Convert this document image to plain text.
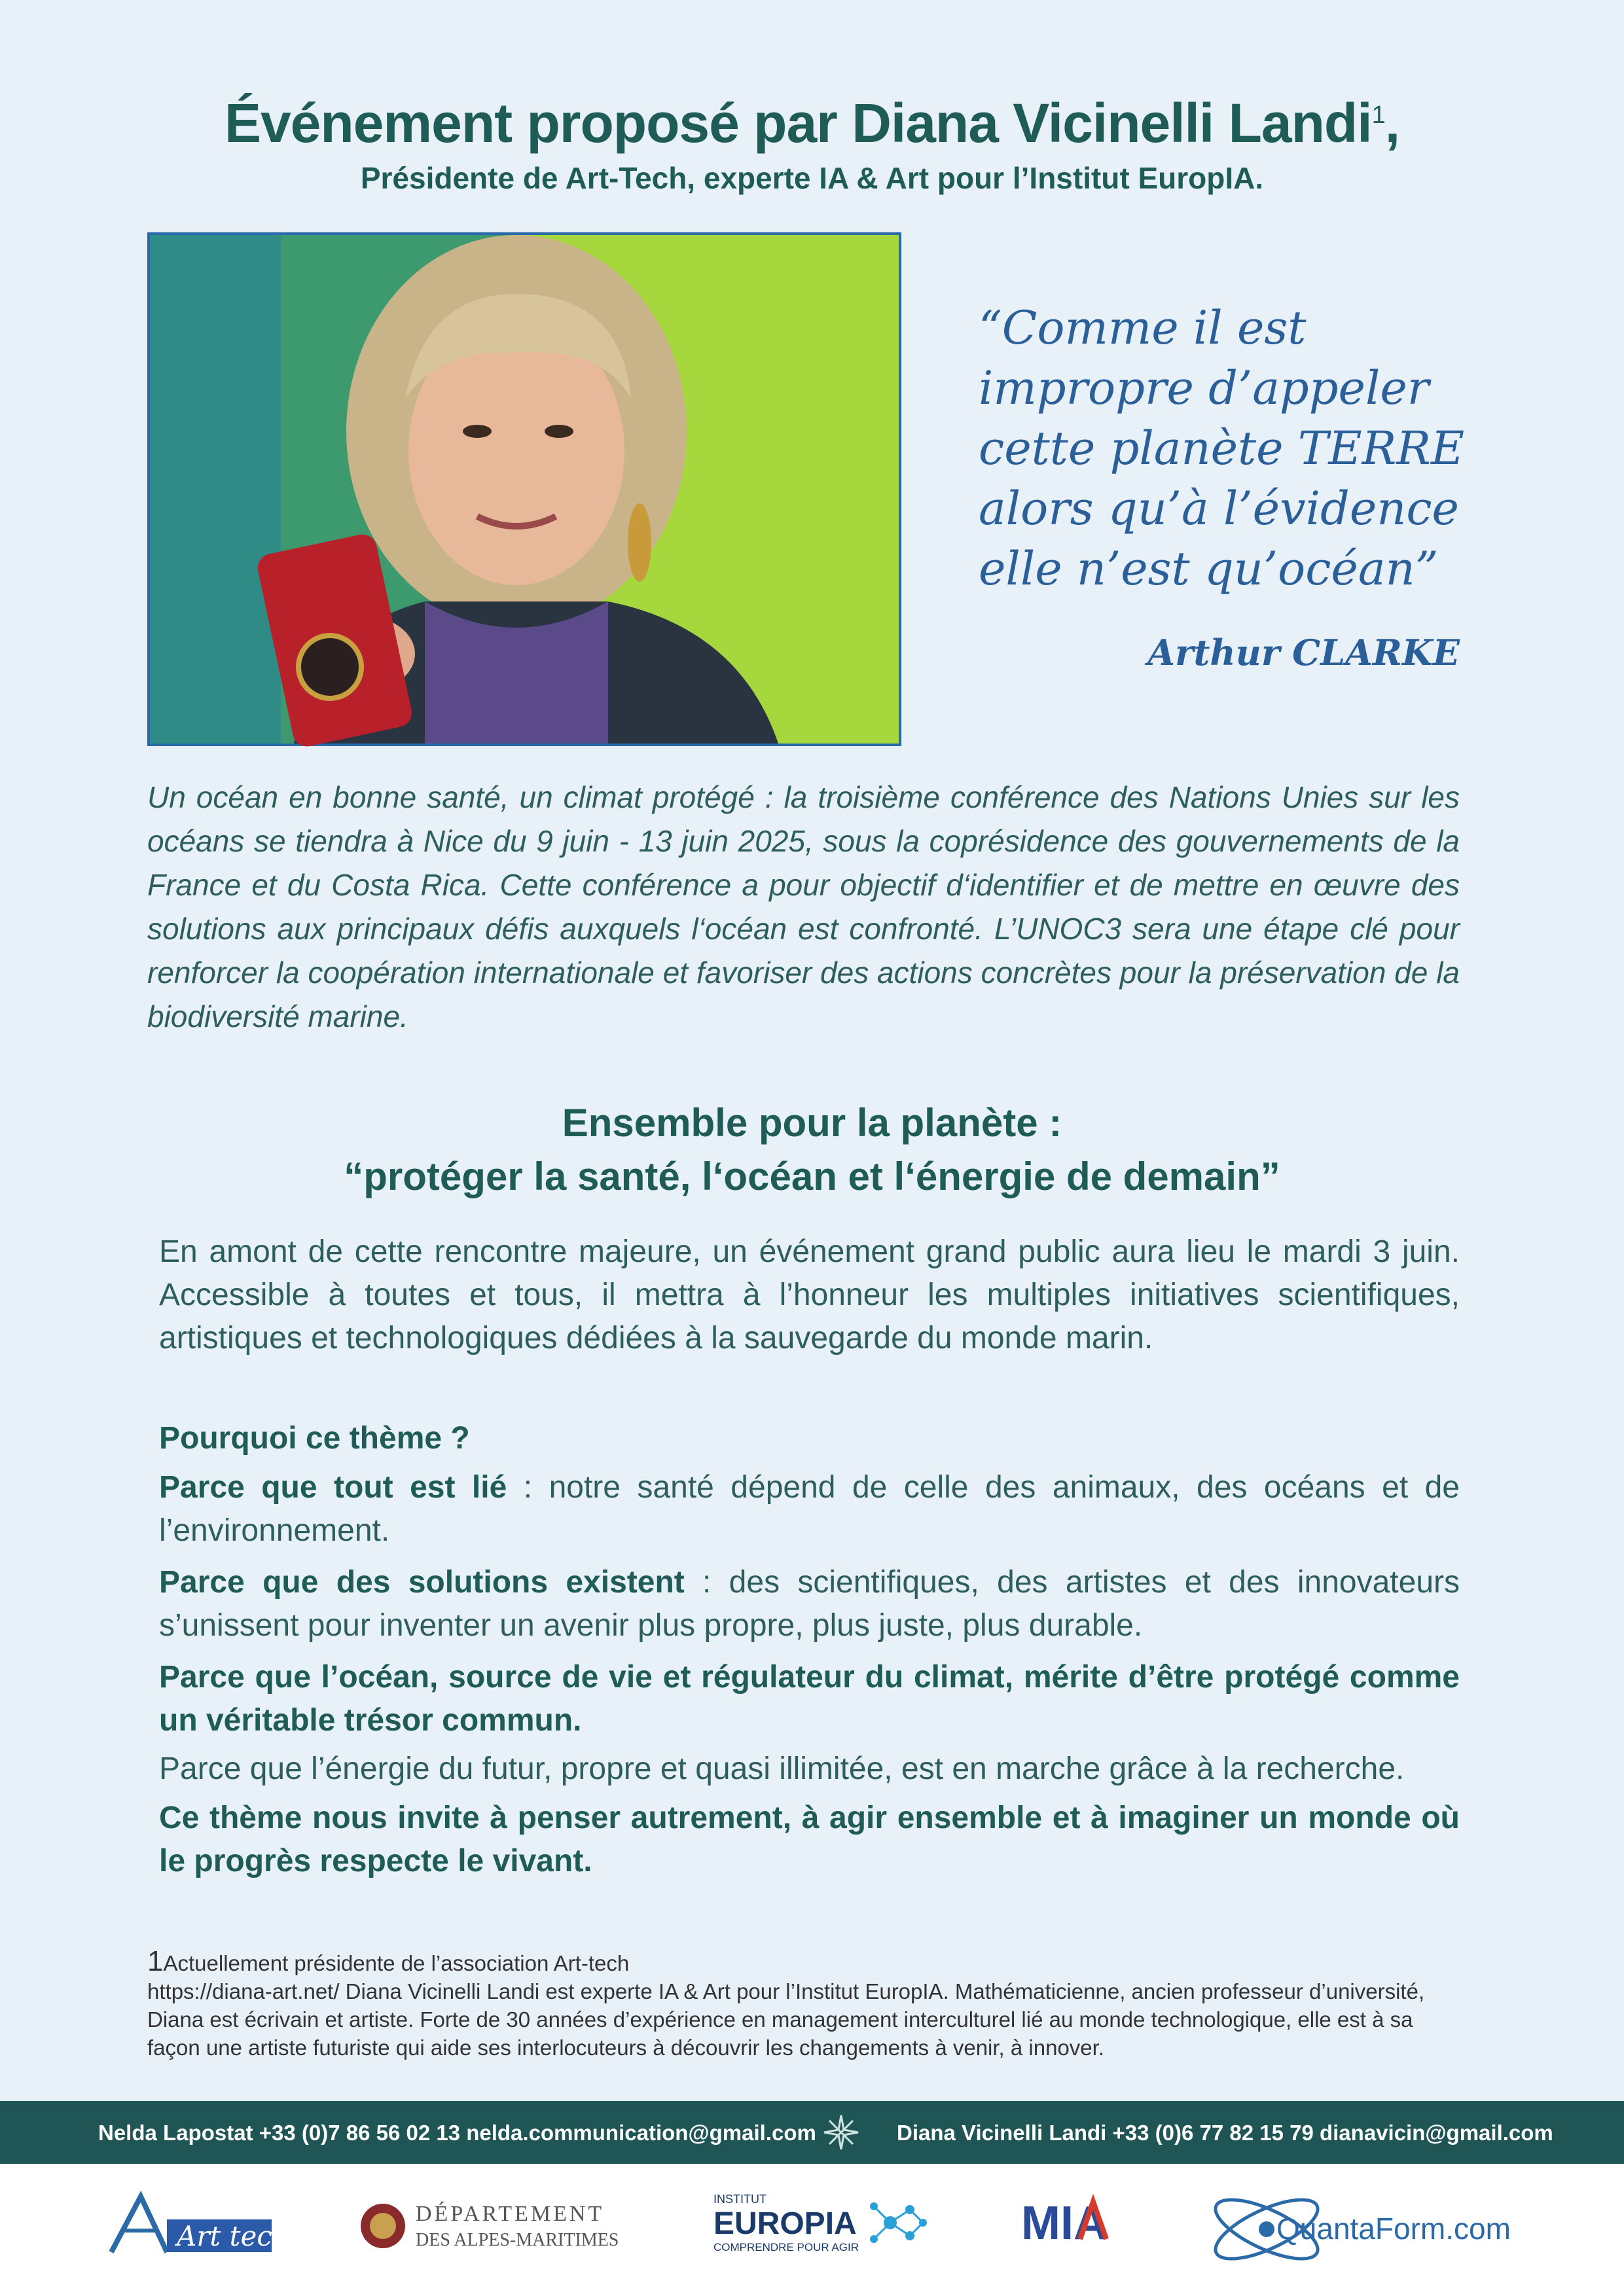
Événement proposé par Diana Vicinelli Landi$^1$,
Présidente de Art-Tech, experte IA & Art pour l’Institut EuropIA.
“Comme il est
impropre d’appeler
cette planète TERRE
alors qu’à l’évidence
elle n’est qu’océan”
Arthur CLARKE
Un océan en bonne santé, un climat protégé : la troisième conférence des Nations Unies sur les océans se tiendra à Nice du 9 juin - 13 juin 2025, sous la coprésidence des gouvernements de la France et du Costa Rica. Cette conférence a pour objectif d‘identifier et de mettre en œuvre des solutions aux principaux défis auxquels l‘océan est confronté. L’UNOC3 sera une étape clé pour renforcer la coopération internationale et favoriser des actions concrètes pour la préservation de la biodiversité marine.
Ensemble pour la planète :
“protéger la santé, l‘océan et l‘énergie de demain”
En amont de cette rencontre majeure, un événement grand public aura lieu le mardi 3 juin. Accessible à toutes et tous, il mettra à l’honneur les multiples initiatives scientifiques, artistiques et technologiques dédiées à la sauvegarde du monde marin.
Pourquoi ce thème ?
Parce que tout est lié : notre santé dépend de celle des animaux, des océans et de l’environnement.
Parce que des solutions existent : des scientifiques, des artistes et des innovateurs s’unissent pour inventer un avenir plus propre, plus juste, plus durable.
Parce que l’océan, source de vie et régulateur du climat, mérite d’être protégé comme un véritable trésor commun.
Parce que l’énergie du futur, propre et quasi illimitée, est en marche grâce à la recherche.
Ce thème nous invite à penser autrement, à agir ensemble et à imaginer un monde où le progrès respecte le vivant.
1Actuellement présidente de l’association Art-tech
https://diana-art.net/ Diana Vicinelli Landi est experte IA & Art pour l’Institut EuropIA. Mathématicienne, ancien professeur d’université, Diana est écrivain et artiste. Forte de 30 années d’expérience en management interculturel lié au monde technologique, elle est à sa façon une artiste futuriste qui aide ses interlocuteurs à découvrir les changements à venir, à innover.
Nelda Lapostat +33 (0)7 86 56 02 13 nelda.communication@gmail.com	Diana Vicinelli Landi +33 (0)6 77 82 15 79 dianavicin@gmail.com
Art tech
DÉPARTEMENT
DES ALPES-MARITIMES
INSTITUT
EUROPIA
COMPRENDRE POUR AGIR	MIA	QuantaForm.com
